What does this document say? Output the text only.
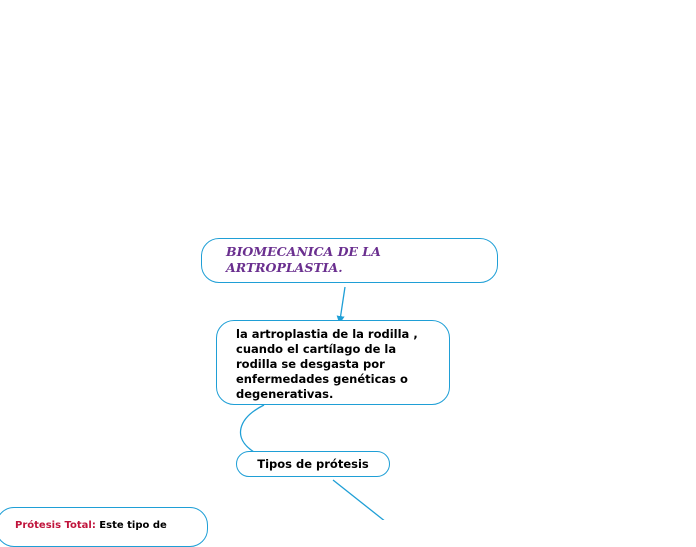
BIOMECANICA DE LA ARTROPLASTIA.
la artroplastia de la rodilla , cuando el cartílago de la rodilla se desgasta por enfermedades genéticas o degenerativas.
Tipos de prótesis
Prótesis Total: Este tipo de
